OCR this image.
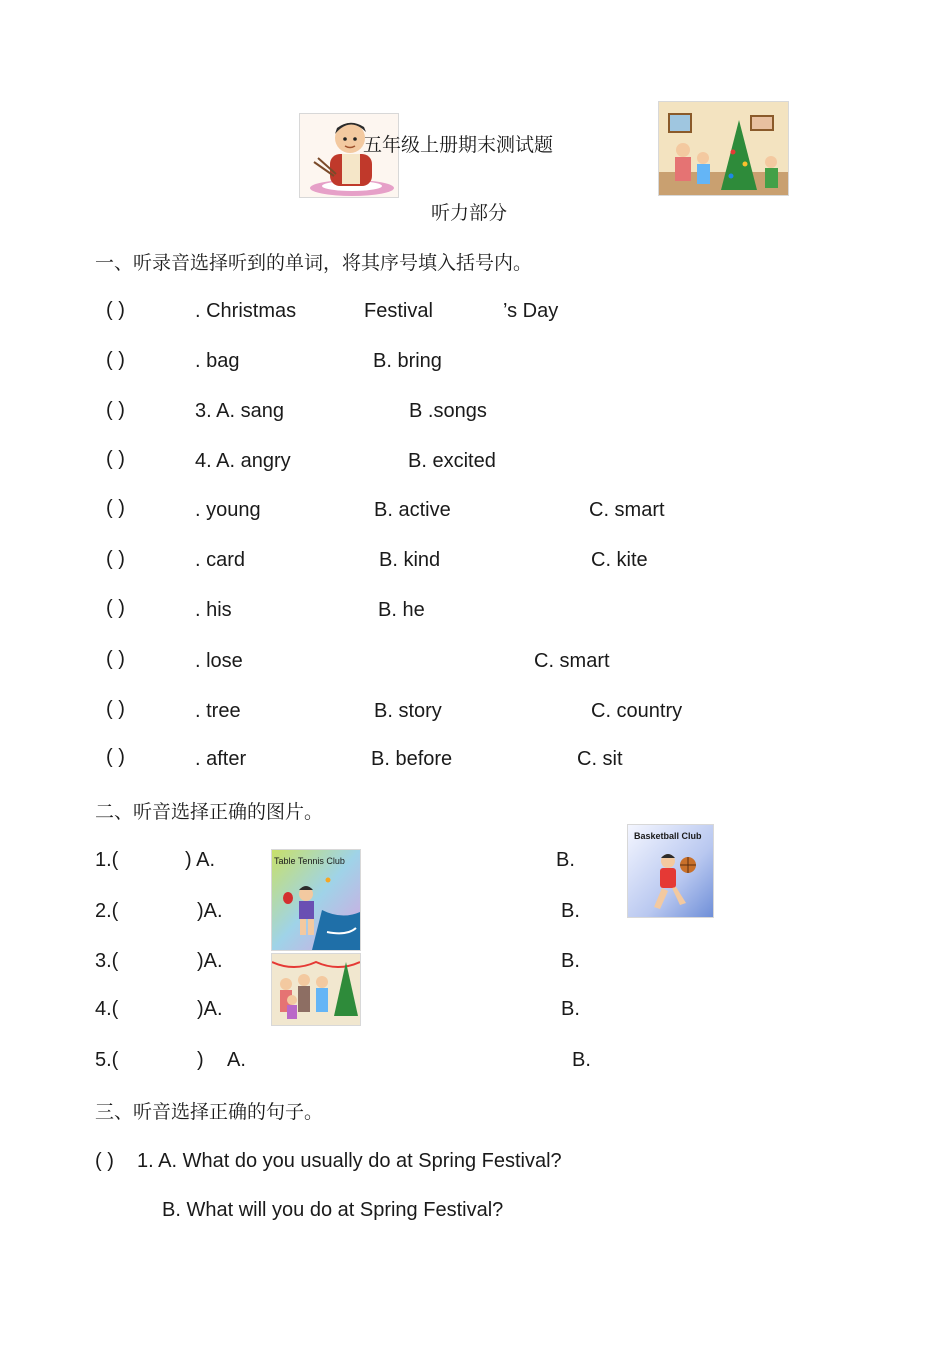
五年级上册期末测试题
听力部分
一、听录音选择听到的单词，将其序号填入括号内。
( )	. Christmas	Festival	’s Day
( )	. bag	B. bring
( )	3. A. sang	B .songs
( )	4. A. angry	B. excited
( )	. young	B. active	C. smart
( )	. card	B. kind	C. kite
( )	. his	B. he
( )	. lose	C. smart
( )	. tree	B. story	C. country
( )	. after	B. before	C. sit
二、听音选择正确的图片。
1.(	) A.	B.
2.(	)A.	B.
3.(	)A.	B.
4.(	)A.	B.
5.(	) A.	B.
Table Tennis Club
Basketball Club
三、听音选择正确的句子。
( ) 1. A. What do you usually do at Spring Festival?
B. What will you do at Spring Festival?
